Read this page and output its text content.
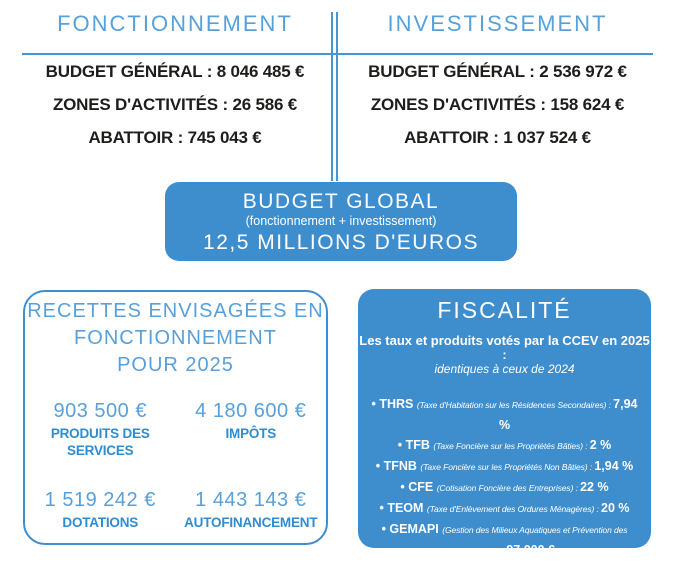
FONCTIONNEMENT
BUDGET GÉNÉRAL : 8 046 485 €
ZONES D'ACTIVITÉS : 26 586 €
ABATTOIR : 745 043 €
INVESTISSEMENT
BUDGET GÉNÉRAL : 2 536 972 €
ZONES D'ACTIVITÉS : 158 624 €
ABATTOIR : 1 037 524 €
BUDGET GLOBAL
(fonctionnement + investissement)
12,5 MILLIONS D'EUROS
RECETTES ENVISAGÉES EN
FONCTIONNEMENT
POUR 2025
903 500 €
PRODUITS DES SERVICES
4 180 600 €
IMPÔTS
1 519 242 €
DOTATIONS
1 443 143 €
AUTOFINANCEMENT
FISCALITÉ
Les taux et produits votés par la CCEV en 2025 :
identiques à ceux de 2024
• THRS (Taxe d'Habitation sur les Résidences Secondaires) : 7,94 %
• TFB (Taxe Foncière sur les Propriétés Bâties) : 2 %
• TFNB (Taxe Foncière sur les Propriétés Non Bâties) : 1,94 %
• CFE (Cotisation Foncière des Entreprises) : 22 %
• TEOM (Taxe d'Enlèvement des Ordures Ménagères) : 20 %
• GEMAPI (Gestion des Milieux Aquatiques et Prévention des Inondations) : 97 000 €
